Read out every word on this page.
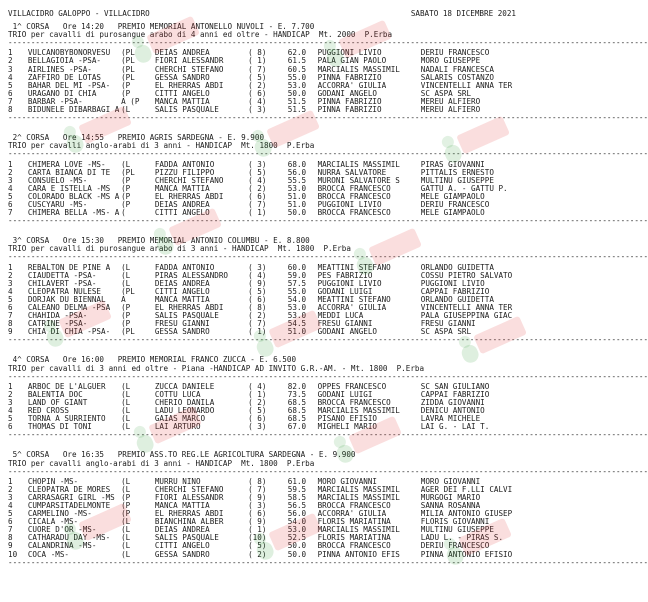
VILLACIDRO GALOPPO - VILLACIDRO	SABATO 18 DICEMBRE 2021
1^ CORSA   Ore 14:20   PREMIO MEMORIAL ANTONELLO NUVOLI - E. 7.700
TRIO per cavalli di purosangue arabo di 4 anni ed oltre - HANDICAP  Mt. 2000  P.Erba
--------------------------------------------------------------------------------------------------------------------------------------------
1	VULCANOBYBONORVESU	(PL	DEIAS ANDREA	( 8)	62.0	PUGGIONI LIVIO	DERIU FRANCESCO
2	BELLAGIOIA -PSA-	(PL	FIORI ALESSANDR	( 1)	61.5	PALA GIAN PAOLO	MORO GIUSEPPE
3	AIRLINES -PSA-	(PL	CHERCHI STEFANO	( 7)	60.5	MARCIALIS MASSIMIL	NADALI FRANCESCA
4	ZAFFIRO DE LOTAS	(PL	GESSA SANDRO	( 5)	55.0	PINNA FABRIZIO	SALARIS COSTANZO
5	BAHAR DEL MI -PSA-	(P	EL RHERRAS ABDI	( 2)	53.0	ACCORRA' GIULIA	VINCENTELLI ANNA TER
6	URAGANO DI CHIA	(P	CITTI ANGELO	( 6)	50.0	GODANI ANGELO	SC ASPA SRL
7	BARBAR -PSA-	A (P	MANCA MATTIA	( 4)	51.5	PINNA FABRIZIO	MEREU ALFIERO
8	BIDUNELE DIBARBAGI A (L	SALIS PASQUALE	( 3)	51.5	PINNA FABRIZIO	MEREU ALFIERO
--------------------------------------------------------------------------------------------------------------------------------------------
2^ CORSA   Ore 14:55   PREMIO AGRIS SARDEGNA - E. 9.900
TRIO per cavalli anglo-arabi di 3 anni - HANDICAP  Mt. 1800  P.Erba
--------------------------------------------------------------------------------------------------------------------------------------------
1	CHIMERA LOVE -MS-	(L	FADDA ANTONIO	( 3)	68.0	MARCIALIS MASSIMIL	PIRAS GIOVANNI
2	CARTA BIANCA DI TE	(PL	PIZZU FILIPPO	( 5)	56.0	NURRA SALVATORE	PITTALIS ERNESTO
3	CONSUELO -MS-	(P	CHERCHI STEFANO	( 4)	55.5	MURONI SALVATORE S	MULTINU GIUSEPPE
4	CARA E ISTELLA -MS	(P	MANCA MATTIA	( 2)	53.0	BROCCA FRANCESCO	GATTU A. - GATTU P.
5	COLORADO BLACK -MS A (P	EL RHERRAS ABDI	( 6)	51.0	BROCCA FRANCESCO	MELE GIAMPAOLO
6	CUSCYARU -MS-	(P	DEIAS ANDREA	( 7)	51.0	PUGGIONI LIVIO	DERIU FRANCESCO
7	CHIMERA BELLA -MS- A (	CITTI ANGELO	( 1)	50.0	BROCCA FRANCESCO	MELE GIAMPAOLO
--------------------------------------------------------------------------------------------------------------------------------------------
3^ CORSA   Ore 15:30   PREMIO MEMORIAL ANTONIO COLUMBU - E. 8.800
TRIO per cavalli di purosangue arabo di 3 anni - HANDICAP  Mt. 1800  P.Erba
--------------------------------------------------------------------------------------------------------------------------------------------
1	REBALTON DE PINE A	(L	FADDA ANTONIO	( 3)	60.0	MEATTINI STEFANO	ORLANDO GUIDETTA
2	CIAUDETTA -PSA-	(L	PIRAS ALESSANDRO	( 4)	59.0	PES FABRIZIO	COSSU PIETRO SALVATO
3	CHILAVERT -PSA-	(L	DEIAS ANDREA	( 9)	57.5	PUGGIONI LIVIO	PUGGIONI LIVIO
4	CLEOPATRA NULESE	(PL	CITTI ANGELO	( 5)	55.0	GODANI LUIGI	CAPPAI FABRIZIO
5	DORJAK DU BIENNAL	A	MANCA MATTIA	( 6)	54.0	MEATTINI STEFANO	ORLANDO GUIDETTA
6	CALEANO DELMA -PSA	(P	EL RHERRAS ABDI	( 8)	53.0	ACCORRA' GIULIA	VINCENTELLI ANNA TER
7	CHAHIDA -PSA-	(P	SALIS PASQUALE	( 2)	53.0	MEDDI LUCA	PALA GIUSEPPINA GIAC
8	CATRINE -PSA-	(P	FRESU GIANNI	( 7)	54.5	FRESU GIANNI	FRESU GIANNI
9	CHIA DI CHIA -PSA-	(PL	GESSA SANDRO	( 1)	51.0	GODANI ANGELO	SC ASPA SRL
--------------------------------------------------------------------------------------------------------------------------------------------
4^ CORSA   Ore 16:00   PREMIO MEMORIAL FRANCO ZUCCA - E. 6.500
TRIO per cavalli di 3 anni ed oltre - Piana -HANDICAP AD INVITO G.R.-AM. - Mt. 1800  P.Erba
--------------------------------------------------------------------------------------------------------------------------------------------
1	ARBOC DE L'ALGUER	(L	ZUCCA DANIELE	( 4)	82.0	OPPES FRANCESCO	SC SAN GIULIANO
2	BALENTIA DOC	(L	COTTU LUCA	( 1)	73.5	GODANI LUIGI	CAPPAI FABRIZIO
3	LAND OF GIANT	(L	CHERIO DANILA	( 2)	68.5	BROCCA FRANCESCO	ZIDDA GIOVANNI
4	RED CROSS	(L	LADU LEONARDO	( 5)	68.5	MARCIALIS MASSIMIL	DENICU ANTONIO
5	TORNA A SURRIENTO	(L	GAIAS MARCO	( 6)	68.5	PISANO EFISIO	LAVRA MICHELE
6	THOMAS DI TONI	(L	LAI ARTURO	( 3)	67.0	MIGHELI MARIO	LAI G. - LAI T.
--------------------------------------------------------------------------------------------------------------------------------------------
5^ CORSA   Ore 16:35   PREMIO ASS.TO REG.LE AGRICOLTURA SARDEGNA - E. 9.900
TRIO per cavalli anglo-arabi di 3 anni - HANDICAP  Mt. 1800  P.Erba
--------------------------------------------------------------------------------------------------------------------------------------------
1	CHOPIN -MS-	(L	MURRU NINO	( 8)	61.0	MORO GIOVANNI	MORO GIOVANNI
2	CLEOPATRA DE MORES	(L	CHERCHI STEFANO	( 7)	59.5	MARCIALIS MASSIMIL	AGER DEI F.LLI CALVI
3	CARRASAGRI GIRL -MS (P	FIORI ALESSANDR	( 9)	58.5	MARCIALIS MASSIMIL	MURGOGI MARIO
4	CUMPARSITADELMONTE	(P	MANCA MATTIA	( 3)	56.5	BROCCA FRANCESCO	SANNA ROSANNA
5	CARMELINO -MS-	(P	EL RHERRAS ABDI	( 6)	56.0	ACCORRA' GIULIA	MILIA ANTONIO GIUSEP
6	CICALA -MS-	(L	BIANCHINA ALBER	( 9)	54.0	FLORIS MARIATINA	FLORIS GIOVANNI
7	CUORE D'OR -MS-	(L	DEIAS ANDREA	( 1)	53.0	MARCIALIS MASSIMIL	MULTINU GIUSEPPE
8	CATHARADU DAY -MS-	(L	SALIS PASQUALE	(10)	52.5	FLORIS MARIATINA	LADU L. - PIRAS S.
9	CALANDRINA -MS-	(L	CITTI ANGELO	( 5)	50.0	BROCCA FRANCESCO	DERIU FRANCESCO
10	COCA -MS-	(L	GESSA SANDRO	( 2)	50.0	PINNA ANTONIO EFIS	PINNA ANTONIO EFISIO
--------------------------------------------------------------------------------------------------------------------------------------------
